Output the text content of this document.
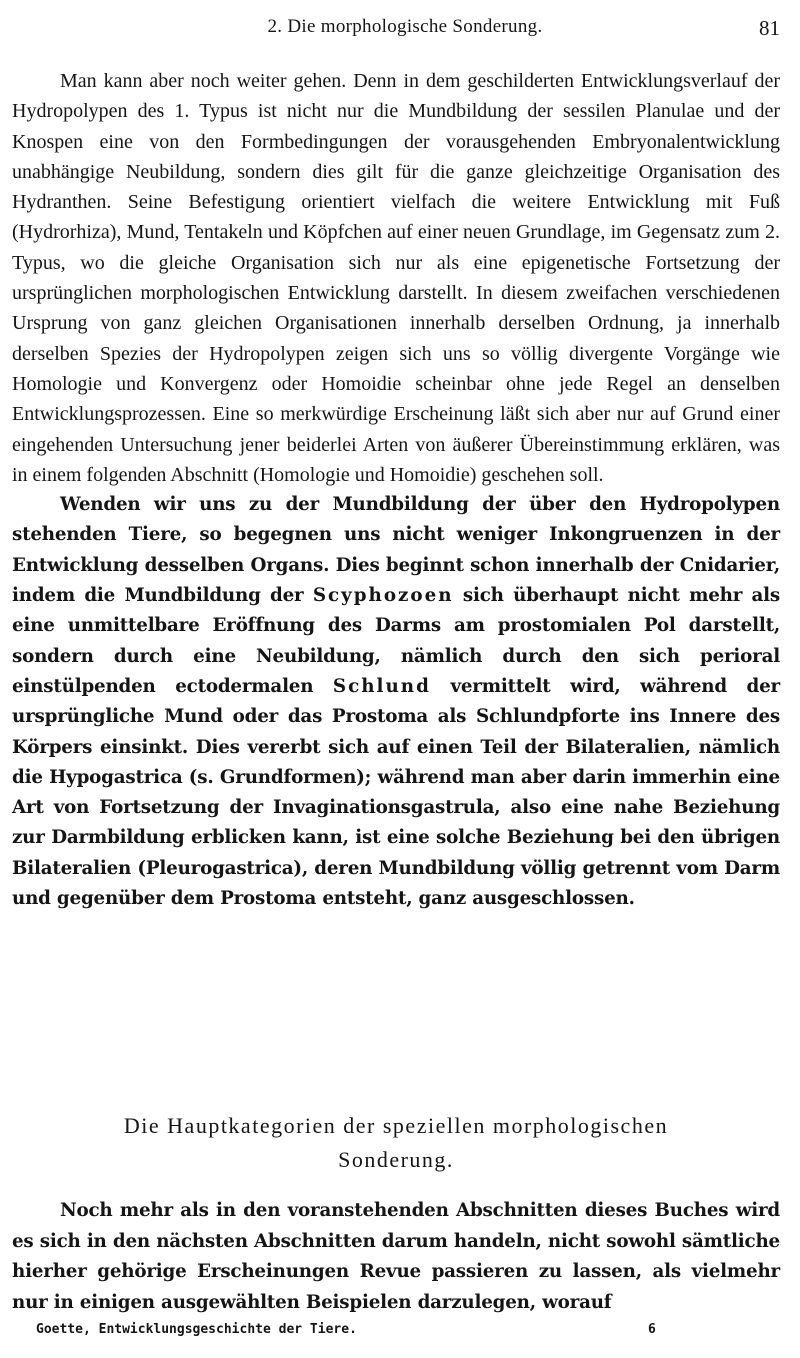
2. Die morphologische Sonderung.	81

Man kann aber noch weiter gehen. Denn in dem geschilderten Entwicklungsverlauf der Hydropolypen des 1. Typus ist nicht nur die Mundbildung der sessilen Planulae und der Knospen eine von den Formbedingungen der vorausgehenden Embryonalentwicklung unabhängige Neubildung, sondern dies gilt für die ganze gleichzeitige Organisation des Hydranthen. Seine Befestigung orientiert vielfach die weitere Entwicklung mit Fuß (Hydrorhiza), Mund, Tentakeln und Köpfchen auf einer neuen Grundlage, im Gegensatz zum 2. Typus, wo die gleiche Organisation sich nur als eine epigenetische Fortsetzung der ursprünglichen morphologischen Entwicklung darstellt. In diesem zweifachen verschiedenen Ursprung von ganz gleichen Organisationen innerhalb derselben Ordnung, ja innerhalb derselben Spezies der Hydropolypen zeigen sich uns so völlig divergente Vorgänge wie Homologie und Konvergenz oder Homoidie scheinbar ohne jede Regel an denselben Entwicklungsprozessen. Eine so merkwürdige Erscheinung läßt sich aber nur auf Grund einer eingehenden Untersuchung jener beiderlei Arten von äußerer Übereinstimmung erklären, was in einem folgenden Abschnitt (Homologie und Homoidie) geschehen soll.

Wenden wir uns zu der Mundbildung der über den Hydropolypen stehenden Tiere, so begegnen uns nicht weniger Inkongruenzen in der Entwicklung desselben Organs. Dies beginnt schon innerhalb der Cnidarier, indem die Mundbildung der Scyphozoen sich überhaupt nicht mehr als eine unmittelbare Eröffnung des Darms am prostomialen Pol darstellt, sondern durch eine Neubildung, nämlich durch den sich perioral einstülpenden ectodermalen Schlund vermittelt wird, während der ursprüngliche Mund oder das Prostoma als Schlundpforte ins Innere des Körpers einsinkt. Dies vererbt sich auf einen Teil der Bilateralien, nämlich die Hypogastrica (s. Grundformen); während man aber darin immerhin eine Art von Fortsetzung der Invaginationsgastrula, also eine nahe Beziehung zur Darmbildung erblicken kann, ist eine solche Beziehung bei den übrigen Bilateralien (Pleurogastrica), deren Mundbildung völlig getrennt vom Darm und gegenüber dem Prostoma entsteht, ganz ausgeschlossen.

Die Hauptkategorien der speziellen morphologischen
Sonderung.

Noch mehr als in den voranstehenden Abschnitten dieses Buches wird es sich in den nächsten Abschnitten darum handeln, nicht sowohl sämtliche hierher gehörige Erscheinungen Revue passieren zu lassen, als vielmehr nur in einigen ausgewählten Beispielen darzulegen, worauf

Goette, Entwicklungsgeschichte der Tiere.	6
